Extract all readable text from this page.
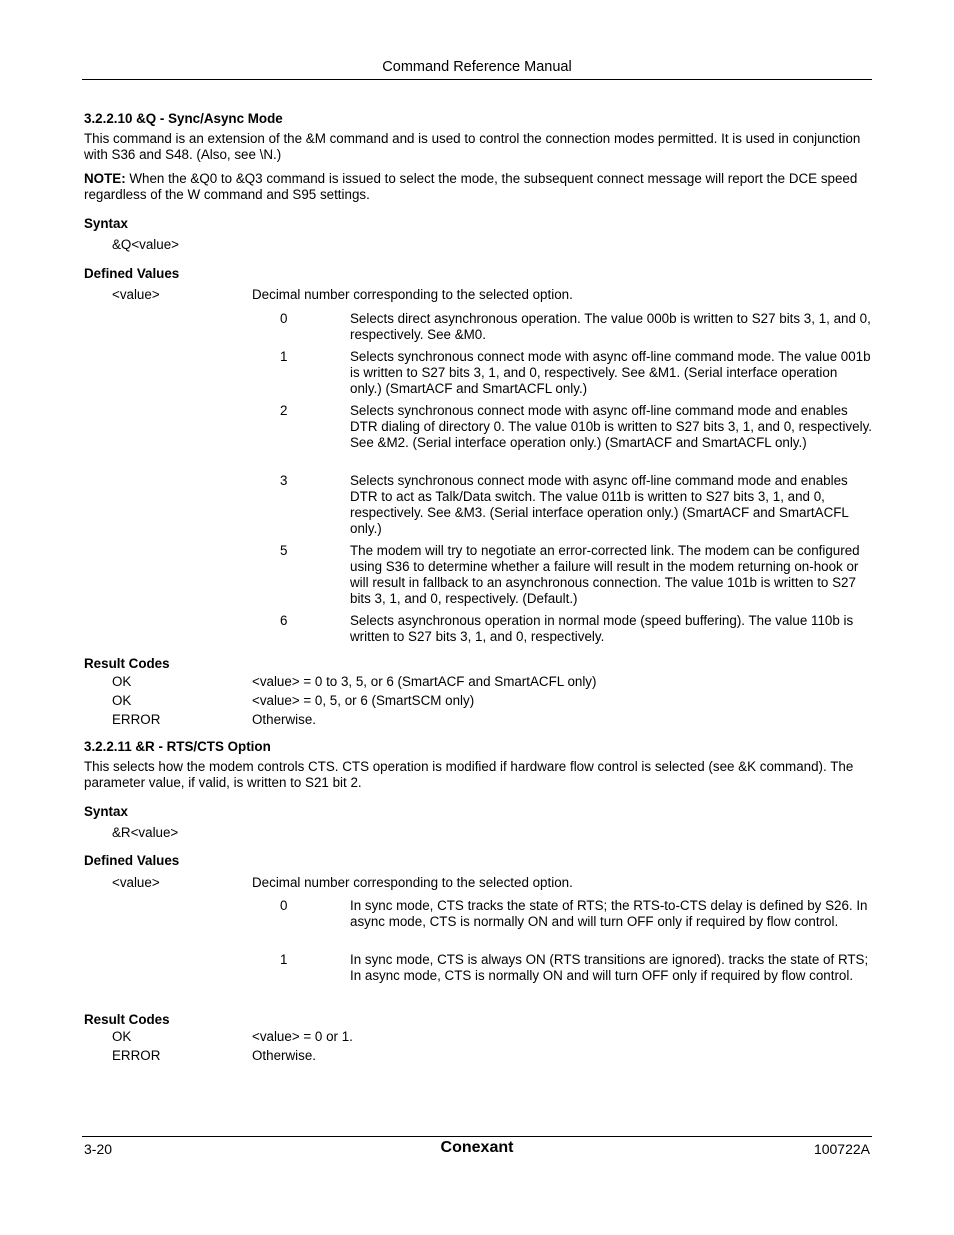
Command Reference Manual
3.2.2.10 &Q - Sync/Async Mode
This command is an extension of the &M command and is used to control the connection modes permitted. It is used in conjunction with S36 and S48. (Also, see \N.)
NOTE: When the &Q0 to &Q3 command is issued to select the mode, the subsequent connect message will report the DCE speed regardless of the W command and S95 settings.
Syntax
&Q<value>
Defined Values
<value>	Decimal number corresponding to the selected option.
0	Selects direct asynchronous operation. The value 000b is written to S27 bits 3, 1, and 0, respectively. See &M0.
1	Selects synchronous connect mode with async off-line command mode. The value 001b is written to S27 bits 3, 1, and 0, respectively. See &M1. (Serial interface operation only.) (SmartACF and SmartACFL only.)
2	Selects synchronous connect mode with async off-line command mode and enables DTR dialing of directory 0. The value 010b is written to S27 bits 3, 1, and 0, respectively. See &M2. (Serial interface operation only.) (SmartACF and SmartACFL only.)
3	Selects synchronous connect mode with async off-line command mode and enables DTR to act as Talk/Data switch. The value 011b is written to S27 bits 3, 1, and 0, respectively. See &M3. (Serial interface operation only.) (SmartACF and SmartACFL only.)
5	The modem will try to negotiate an error-corrected link. The modem can be configured using S36 to determine whether a failure will result in the modem returning on-hook or will result in fallback to an asynchronous connection. The value 101b is written to S27 bits 3, 1, and 0, respectively. (Default.)
6	Selects asynchronous operation in normal mode (speed buffering). The value 110b is written to S27 bits 3, 1, and 0, respectively.
Result Codes
OK	<value> = 0 to 3, 5, or 6 (SmartACF and SmartACFL only)
OK	<value> = 0, 5, or 6 (SmartSCM only)
ERROR	Otherwise.
3.2.2.11 &R - RTS/CTS Option
This selects how the modem controls CTS. CTS operation is modified if hardware flow control is selected (see &K command). The parameter value, if valid, is written to S21 bit 2.
Syntax
&R<value>
Defined Values
<value>	Decimal number corresponding to the selected option.
0	In sync mode, CTS tracks the state of RTS; the RTS-to-CTS delay is defined by S26. In async mode, CTS is normally ON and will turn OFF only if required by flow control.
1	In sync mode, CTS is always ON (RTS transitions are ignored). tracks the state of RTS; In async mode, CTS is normally ON and will turn OFF only if required by flow control.
Result Codes
OK	<value> = 0 or 1.
ERROR	Otherwise.
3-20	Conexant	100722A
